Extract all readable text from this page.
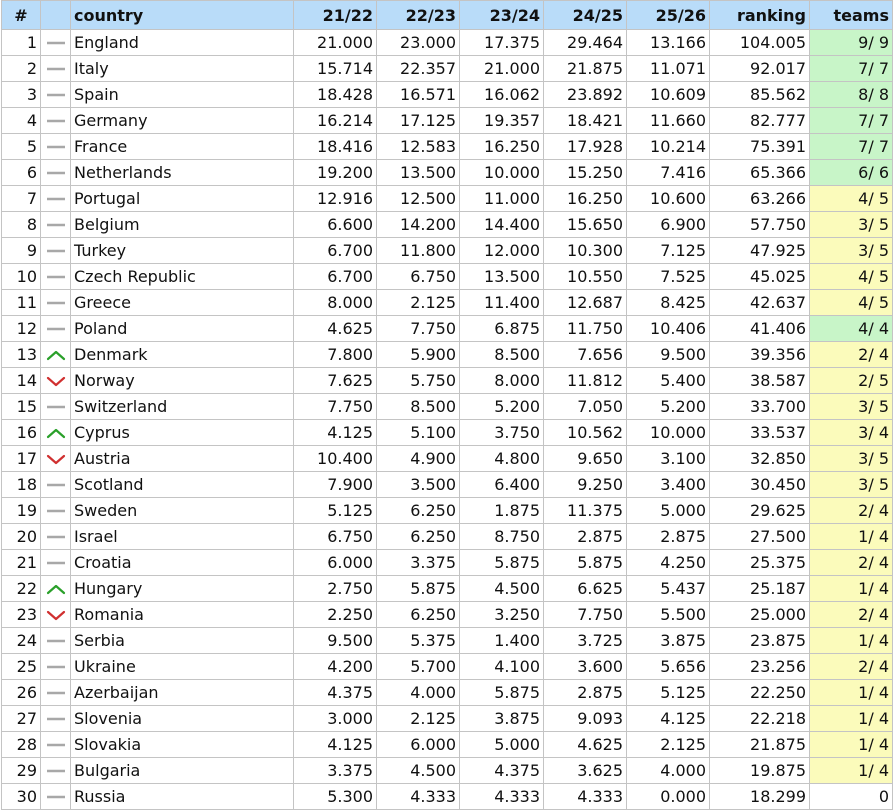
#		country	21/22	22/23	23/24	24/25	25/26	ranking	teams
1		England	21.000	23.000	17.375	29.464	13.166	104.005	9/ 9
2		Italy	15.714	22.357	21.000	21.875	11.071	92.017	7/ 7
3		Spain	18.428	16.571	16.062	23.892	10.609	85.562	8/ 8
4		Germany	16.214	17.125	19.357	18.421	11.660	82.777	7/ 7
5		France	18.416	12.583	16.250	17.928	10.214	75.391	7/ 7
6		Netherlands	19.200	13.500	10.000	15.250	7.416	65.366	6/ 6
7		Portugal	12.916	12.500	11.000	16.250	10.600	63.266	4/ 5
8		Belgium	6.600	14.200	14.400	15.650	6.900	57.750	3/ 5
9		Turkey	6.700	11.800	12.000	10.300	7.125	47.925	3/ 5
10		Czech Republic	6.700	6.750	13.500	10.550	7.525	45.025	4/ 5
11		Greece	8.000	2.125	11.400	12.687	8.425	42.637	4/ 5
12		Poland	4.625	7.750	6.875	11.750	10.406	41.406	4/ 4
13		Denmark	7.800	5.900	8.500	7.656	9.500	39.356	2/ 4
14		Norway	7.625	5.750	8.000	11.812	5.400	38.587	2/ 5
15		Switzerland	7.750	8.500	5.200	7.050	5.200	33.700	3/ 5
16		Cyprus	4.125	5.100	3.750	10.562	10.000	33.537	3/ 4
17		Austria	10.400	4.900	4.800	9.650	3.100	32.850	3/ 5
18		Scotland	7.900	3.500	6.400	9.250	3.400	30.450	3/ 5
19		Sweden	5.125	6.250	1.875	11.375	5.000	29.625	2/ 4
20		Israel	6.750	6.250	8.750	2.875	2.875	27.500	1/ 4
21		Croatia	6.000	3.375	5.875	5.875	4.250	25.375	2/ 4
22		Hungary	2.750	5.875	4.500	6.625	5.437	25.187	1/ 4
23		Romania	2.250	6.250	3.250	7.750	5.500	25.000	2/ 4
24		Serbia	9.500	5.375	1.400	3.725	3.875	23.875	1/ 4
25		Ukraine	4.200	5.700	4.100	3.600	5.656	23.256	2/ 4
26		Azerbaijan	4.375	4.000	5.875	2.875	5.125	22.250	1/ 4
27		Slovenia	3.000	2.125	3.875	9.093	4.125	22.218	1/ 4
28		Slovakia	4.125	6.000	5.000	4.625	2.125	21.875	1/ 4
29		Bulgaria	3.375	4.500	4.375	3.625	4.000	19.875	1/ 4
30		Russia	5.300	4.333	4.333	4.333	0.000	18.299	0
